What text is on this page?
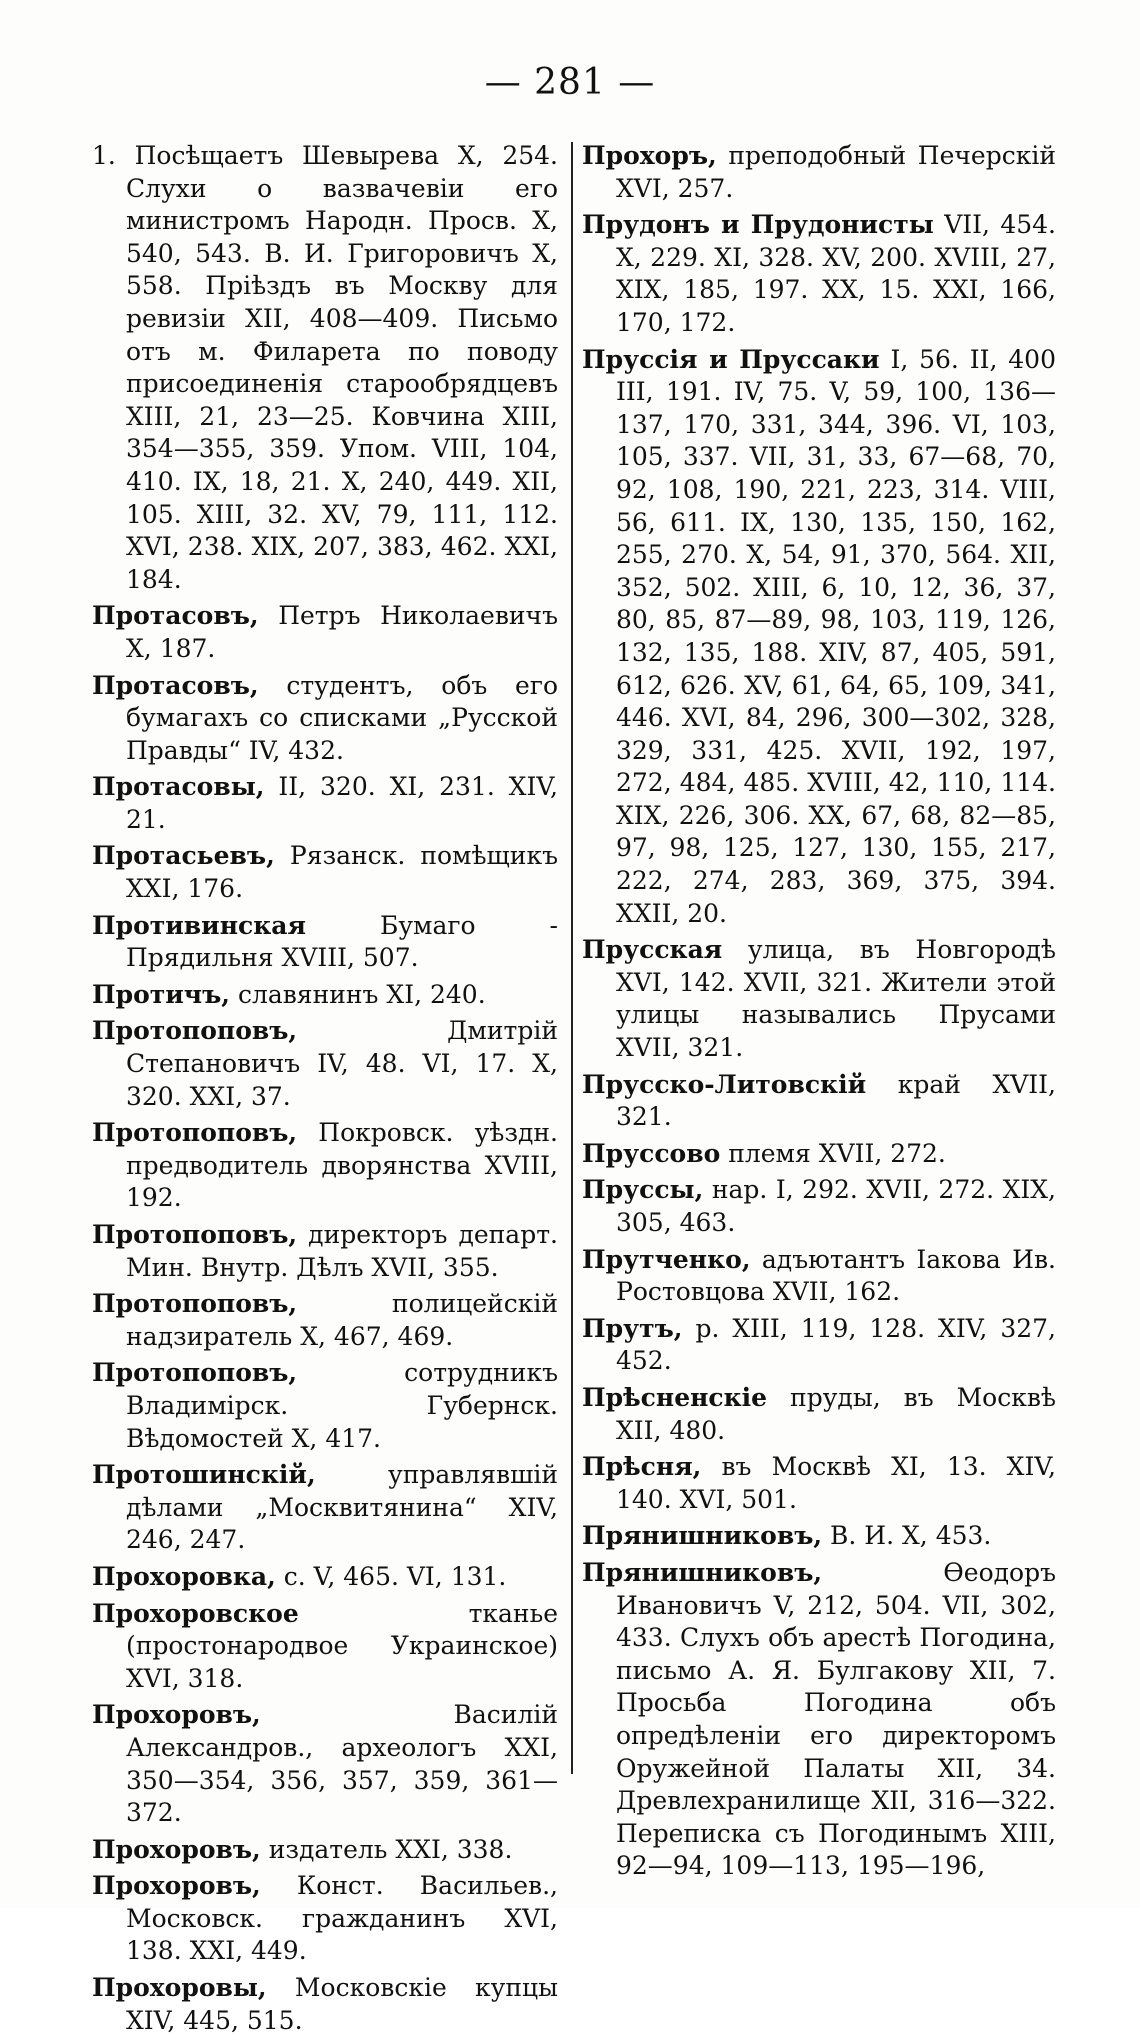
— 281 —

1. Посѣщаетъ Шевырева X, 254. Слухи о вазвачевіи его министромъ Народн. Просв. X, 540, 543. В. И. Григоровичъ X, 558. Пріѣздъ въ Москву для ревизіи XII, 408—409. Письмо отъ м. Филарета по поводу присоединенія старообрядцевъ XIII, 21, 23—25. Ковчина XIII, 354—355, 359. Упом. VIII, 104, 410. IX, 18, 21. X, 240, 449. XII, 105. XIII, 32. XV, 79, 111, 112. XVI, 238. XIX, 207, 383, 462. XXI, 184.

Протасовъ, Петръ Николаевичъ X, 187.

Протасовъ, студентъ, объ его бумагахъ со списками „Русской Правды“ IV, 432.

Протасовы, II, 320. XI, 231. XIV, 21.

Протасьевъ, Рязанск. помѣщикъ XXI, 176.

Противинская	Бумаго - Прядильня XVIII, 507.

Протичъ, славянинъ XI, 240.

Протопоповъ,	Дмитрій Степановичъ IV, 48. VI, 17. X, 320. XXI, 37.

Протопоповъ, Покровск. уѣздн. предводитель дворянства XVIII, 192.

Протопоповъ, директоръ департ. Мин. Внутр. Дѣлъ XVII, 355.

Протопоповъ,	полицейскій надзиратель X, 467, 469.

Протопоповъ,	сотрудникъ Владимірск. Губернск. Вѣдомостей X, 417.

Протошинскій,	управлявшій дѣлами „Москвитянина“ XIV, 246, 247.

Прохоровка, с. V, 465. VI, 131.

Прохоровское	тканье (простонародвое Украинское) XVI, 318.

Прохоровъ,	Василій Александров., археологъ XXI, 350—354, 356, 357, 359, 361—372.

Прохоровъ, издатель XXI, 338.

Прохоровъ, Конст. Васильев., Московск. гражданинъ XVI, 138. XXI, 449.

Прохоровы, Московскіе купцы XIV, 445, 515.

Прохоръ, преподобный Печерскій XVI, 257.

Прудонъ и Прудонисты VII, 454. X, 229. XI, 328. XV, 200. XVIII, 27, XIX, 185, 197. XX, 15. XXI, 166, 170, 172.

Пруссія и Пруссаки I, 56. II, 400 III, 191. IV, 75. V, 59, 100, 136—137, 170, 331, 344, 396. VI, 103, 105, 337. VII, 31, 33, 67—68, 70, 92, 108, 190, 221, 223, 314. VIII, 56, 611. IX, 130, 135, 150, 162, 255, 270. X, 54, 91, 370, 564. XII, 352, 502. XIII, 6, 10, 12, 36, 37, 80, 85, 87—89, 98, 103, 119, 126, 132, 135, 188. XIV, 87, 405, 591, 612, 626. XV, 61, 64, 65, 109, 341, 446. XVI, 84, 296, 300—302, 328, 329, 331, 425. XVII, 192, 197, 272, 484, 485. XVIII, 42, 110, 114. XIX, 226, 306. XX, 67, 68, 82—85, 97, 98, 125, 127, 130, 155, 217, 222, 274, 283, 369, 375, 394. XXII, 20.

Прусская улица, въ Новгородѣ XVI, 142. XVII, 321. Жители этой улицы назывались Прусами XVII, 321.

Прусско-Литовскій край XVII, 321.

Пруссово племя XVII, 272.

Пруссы, нар. I, 292. XVII, 272. XIX, 305, 463.

Прутченко, адъютантъ Іакова Ив. Ростовцова XVII, 162.

Прутъ, р. XIII, 119, 128. XIV, 327, 452.

Прѣсненскіе пруды, въ Москвѣ XII, 480.

Прѣсня, въ Москвѣ XI, 13. XIV, 140. XVI, 501.

Прянишниковъ, В. И. X, 453.

Прянишниковъ,	Ѳеодоръ Ивановичъ V, 212, 504. VII, 302, 433. Слухъ объ арестѣ Погодина, письмо А. Я. Булгакову XII, 7. Просьба Погодина объ опредѣленіи его директоромъ Оружейной Палаты XII, 34. Древлехранилище XII, 316—322. Переписка съ Погодинымъ XIII, 92—94, 109—113, 195—196,
